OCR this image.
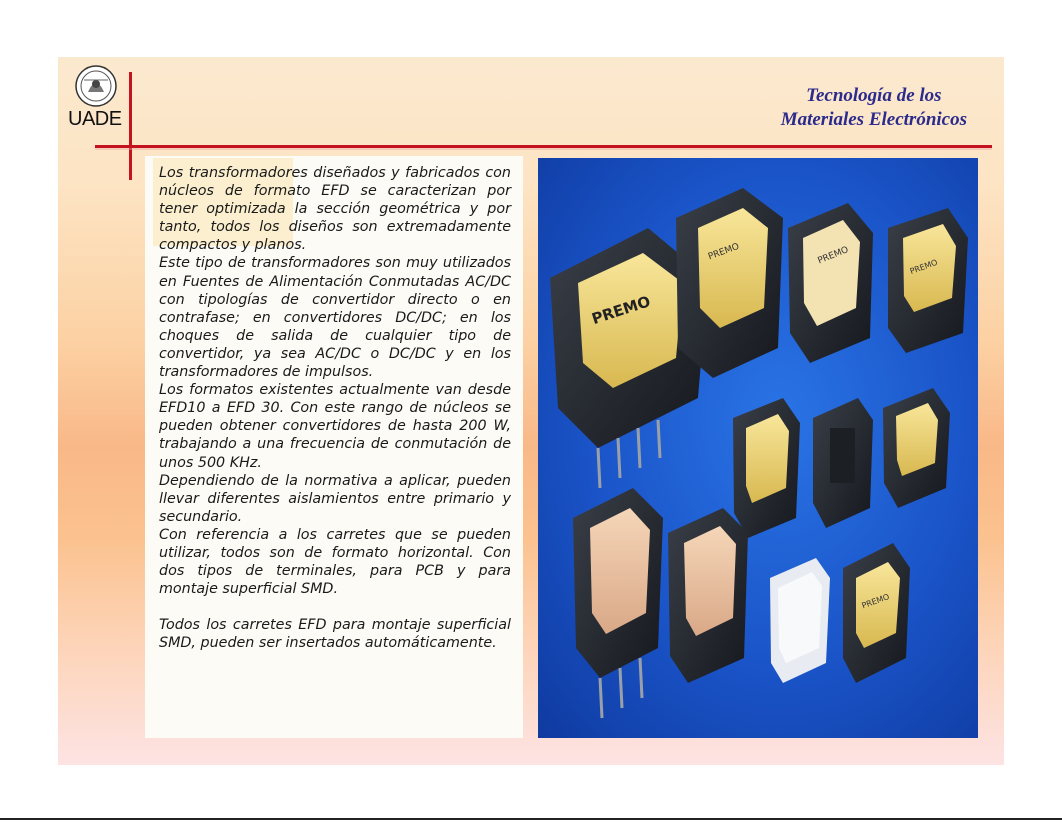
UADE
Tecnología de los
Materiales Electrónicos

Los transformadores diseñados y fabricados con núcleos de formato EFD se caracterizan por tener optimizada la sección geométrica y por tanto, todos los diseños son extremadamente compactos y planos.

Este tipo de transformadores son muy utilizados en Fuentes de Alimentación Conmutadas AC/DC con tipologías de convertidor directo o en contrafase; en convertidores DC/DC; en los choques de salida de cualquier tipo de convertidor, ya sea AC/DC o DC/DC y en los transformadores de impulsos.

Los formatos existentes actualmente van desde EFD10 a EFD 30. Con este rango de núcleos se pueden obtener convertidores de hasta 200 W, trabajando a una frecuencia de conmutación de unos 500 KHz.

Dependiendo de la normativa a aplicar, pueden llevar diferentes aislamientos entre primario y secundario.

Con referencia a los carretes que se pueden utilizar, todos son de formato horizontal. Con dos tipos de terminales, para PCB y para montaje superficial SMD.

Todos los carretes EFD para montaje superficial SMD, pueden ser insertados automáticamente.

PREMO
PREMO	PREMO
PREMO
PREMO
